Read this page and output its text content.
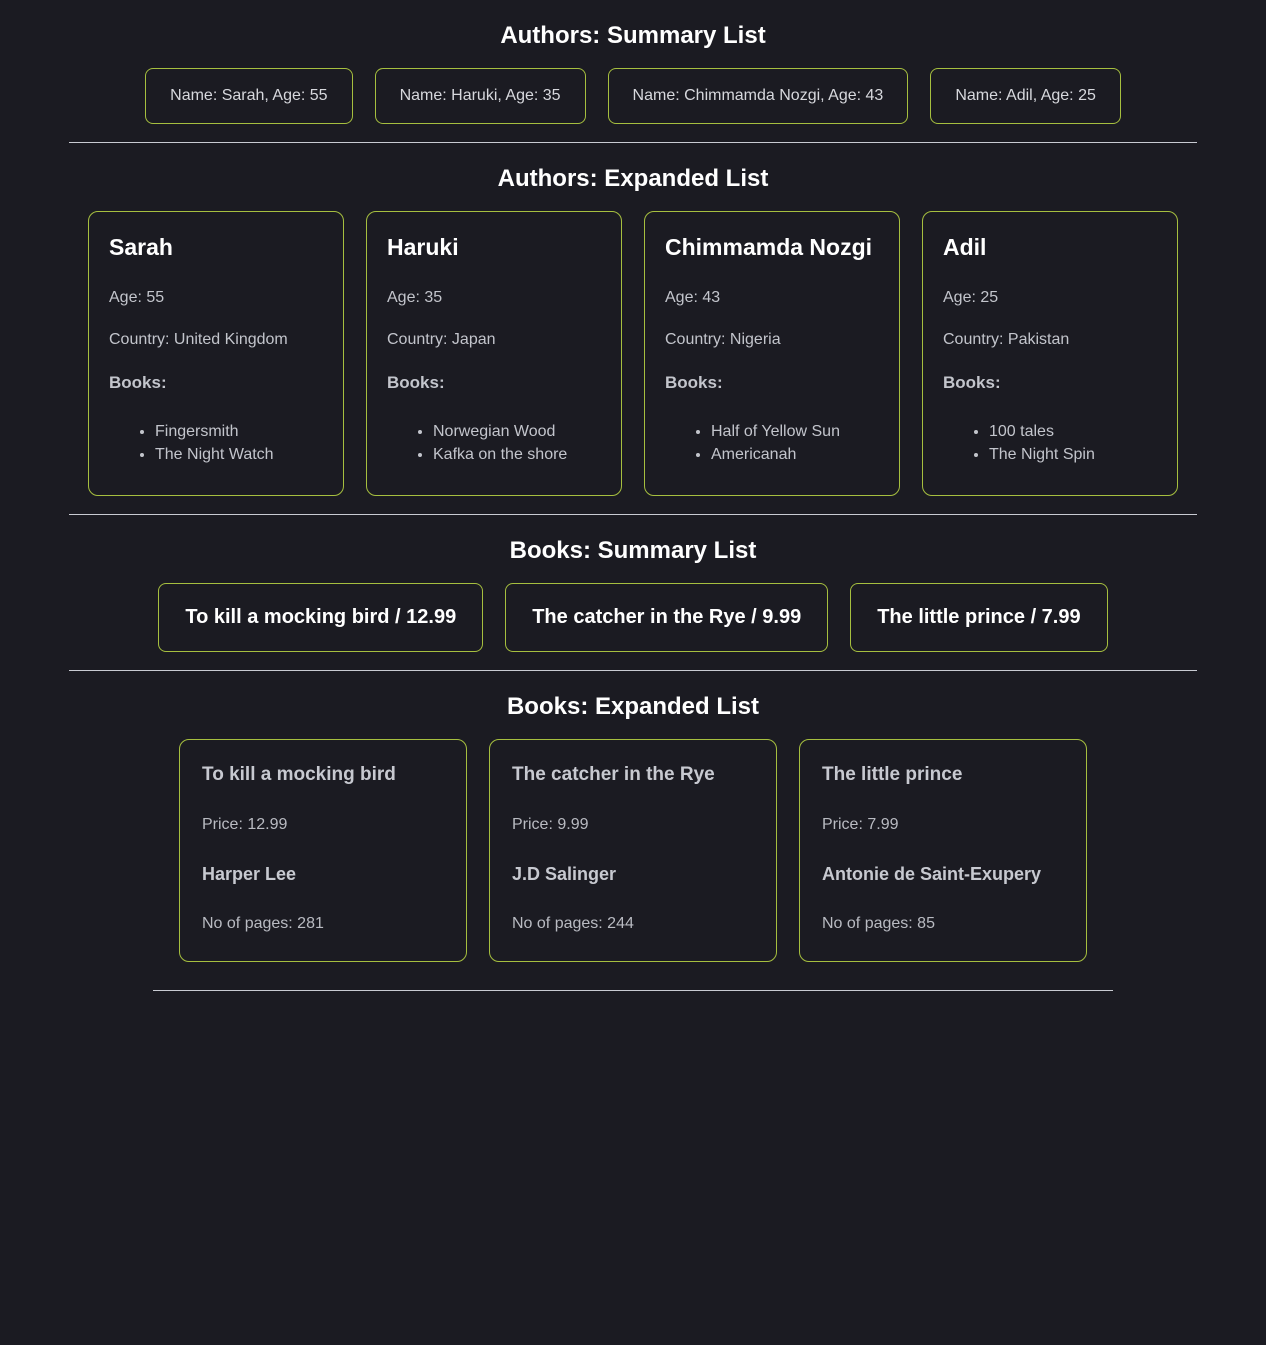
Authors: Summary List
Name: Sarah, Age: 55	Name: Haruki, Age: 35	Name: Chimmamda Nozgi, Age: 43	Name: Adil, Age: 25
Authors: Expanded List
Sarah

Age: 55

Country: United Kingdom

Books:

• Fingersmith
• The Night Watch
Haruki

Age: 35

Country: Japan

Books:

• Norwegian Wood
• Kafka on the shore
Chimmamda Nozgi

Age: 43

Country: Nigeria

Books:

• Half of Yellow Sun
• Americanah
Adil

Age: 25

Country: Pakistan

Books:

• 100 tales
• The Night Spin
Books: Summary List
To kill a mocking bird / 12.99	The catcher in the Rye / 9.99	The little prince / 7.99
Books: Expanded List
To kill a mocking bird

Price: 12.99

Harper Lee

No of pages: 281

The catcher in the Rye

Price: 9.99

J.D Salinger

No of pages: 244

The little prince

Price: 7.99

Antonie de Saint-Exupery

No of pages: 85
